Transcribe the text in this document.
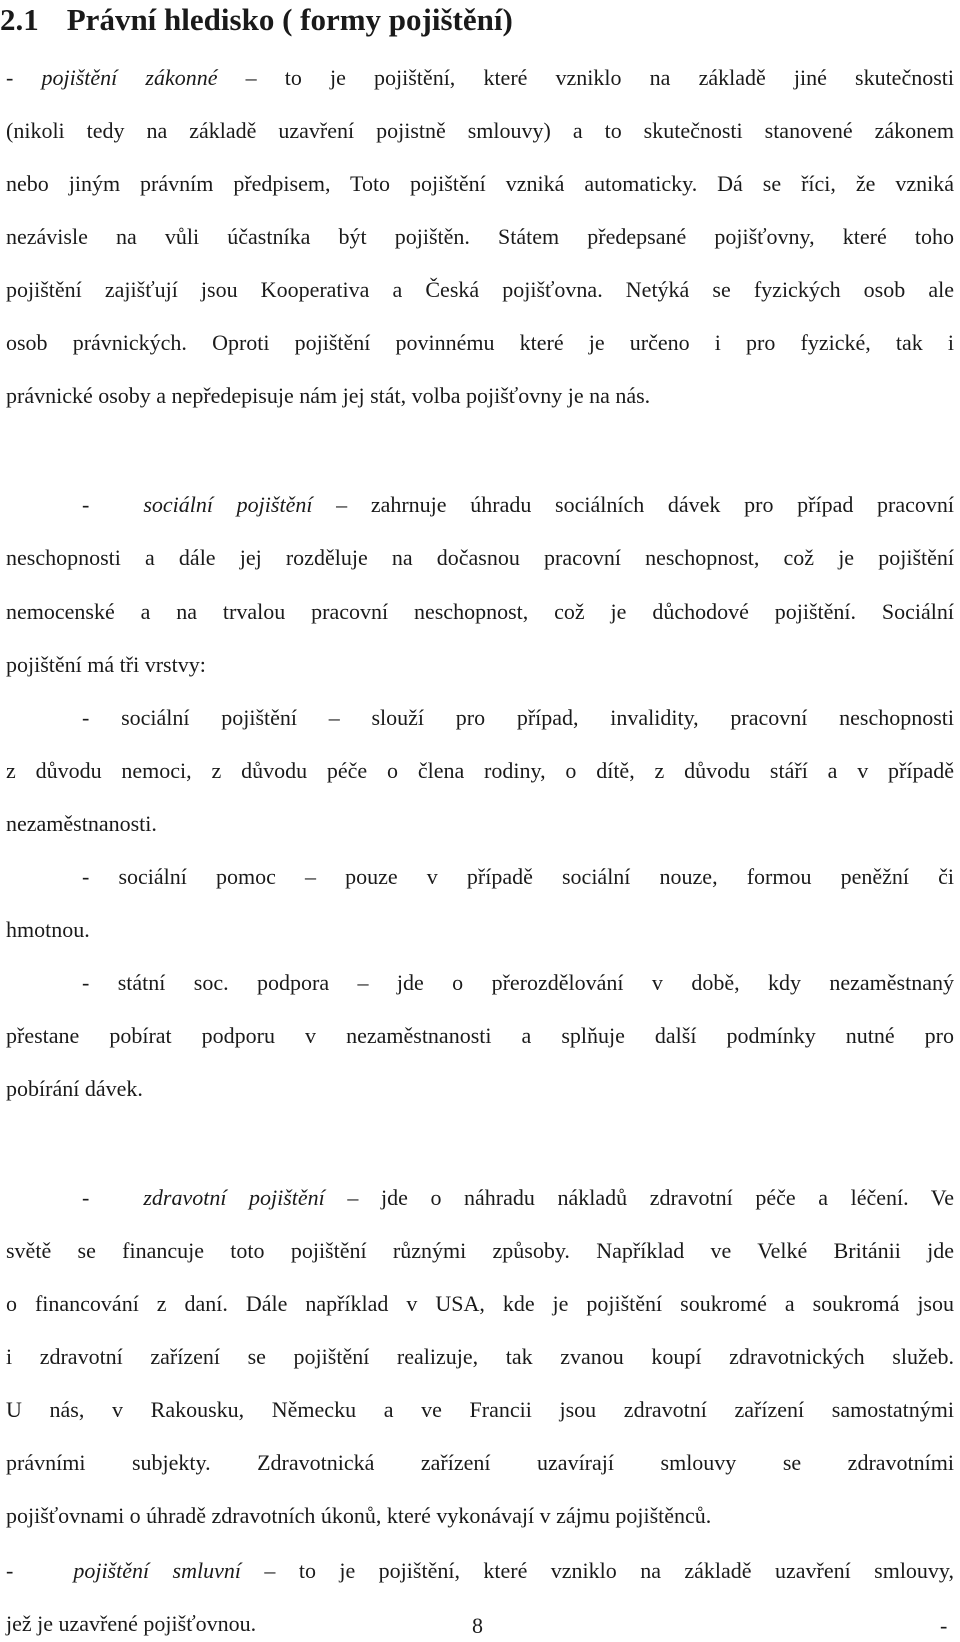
2.1 Právní hledisko ( formy pojištění)
- pojištění zákonné – to je pojištění, které vzniklo na základě jiné skutečnosti
(nikoli tedy na základě uzavření pojistně smlouvy) a to skutečnosti stanovené zákonem
nebo jiným právním předpisem, Toto pojištění vzniká automaticky. Dá se říci, že vzniká
nezávisle na vůli účastníka být pojištěn. Státem předepsané pojišťovny, které toho
pojištění zajišťují jsou Kooperativa a Česká pojišťovna. Netýká se fyzických osob ale
osob právnických. Oproti pojištění povinnému které je určeno i pro fyzické, tak i
právnické osoby a nepředepisuje nám jej stát, volba pojišťovny je na nás.
- sociální pojištění – zahrnuje úhradu sociálních dávek pro případ pracovní
neschopnosti a dále jej rozděluje na dočasnou pracovní neschopnost, což je pojištění
nemocenské a na trvalou pracovní neschopnost, což je důchodové pojištění. Sociální
pojištění má tři vrstvy:
- sociální pojištění – slouží pro případ, invalidity, pracovní neschopnosti
z důvodu nemoci, z důvodu péče o člena rodiny, o dítě, z důvodu stáří a v případě
nezaměstnanosti.
- sociální pomoc – pouze v případě sociální nouze, formou peněžní či
hmotnou.
- státní soc. podpora – jde o přerozdělování v době, kdy nezaměstnaný
přestane pobírat podporu v nezaměstnanosti a splňuje další podmínky nutné pro
pobírání dávek.
- zdravotní pojištění – jde o náhradu nákladů zdravotní péče a léčení. Ve
světě se financuje toto pojištění různými způsoby. Například ve Velké Británii jde
o financování z daní. Dále například v USA, kde je pojištění soukromé a soukromá jsou
i zdravotní zařízení se pojištění realizuje, tak zvanou koupí zdravotnických služeb.
U nás, v Rakousku, Německu a ve Francii jsou zdravotní zařízení samostatnými
právními subjekty. Zdravotnická zařízení uzavírají smlouvy se zdravotními
pojišťovnami o úhradě zdravotních úkonů, které vykonávají v zájmu pojištěnců.
-	pojištění smluvní – to je pojištění, které vzniklo na základě uzavření smlouvy,
8	-
jež je uzavřené pojišťovnou.
